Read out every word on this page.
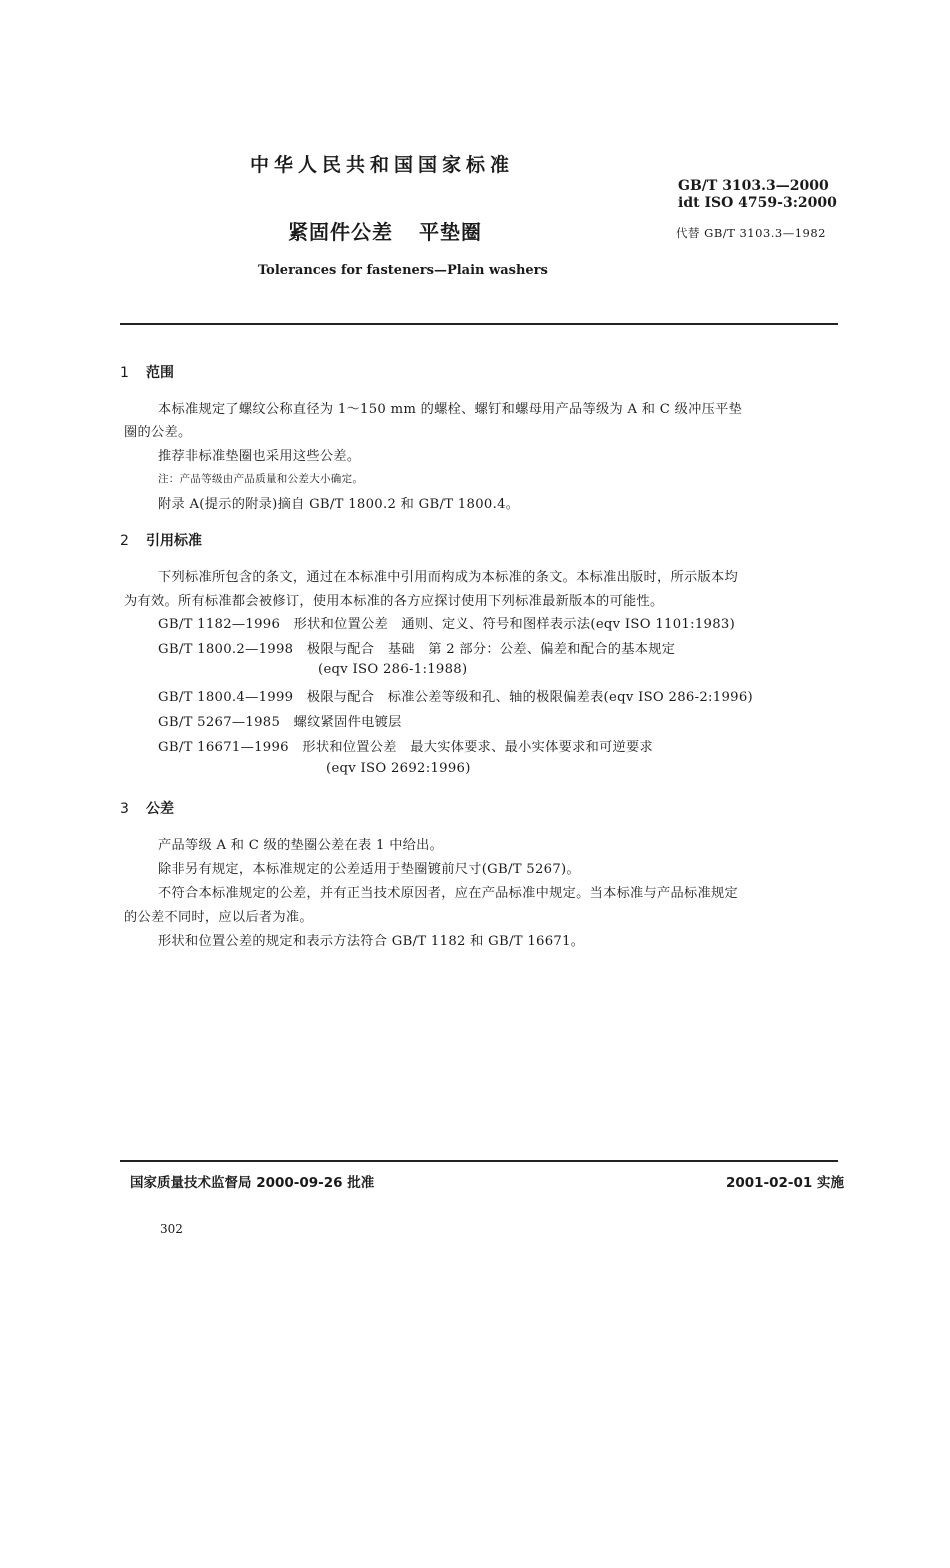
中华人民共和国国家标准
GB/T 3103.3—2000
idt ISO 4759-3:2000
紧固件公差 平垫圈	代替 GB/T 3103.3—1982
Tolerances for fasteners—Plain washers
1 范围
本标准规定了螺纹公称直径为 1～150 mm 的螺栓、螺钉和螺母用产品等级为 A 和 C 级冲压平垫
圈的公差。
推荐非标准垫圈也采用这些公差。
注：产品等级由产品质量和公差大小确定。
附录 A(提示的附录)摘自 GB/T 1800.2 和 GB/T 1800.4。
2 引用标准
下列标准所包含的条文，通过在本标准中引用而构成为本标准的条文。本标准出版时，所示版本均
为有效。所有标准都会被修订，使用本标准的各方应探讨使用下列标准最新版本的可能性。
GB/T 1182—1996　形状和位置公差　通则、定义、符号和图样表示法(eqv ISO 1101:1983)
GB/T 1800.2—1998　极限与配合　基础　第 2 部分：公差、偏差和配合的基本规定
(eqv ISO 286-1:1988)
GB/T 1800.4—1999　极限与配合　标准公差等级和孔、轴的极限偏差表(eqv ISO 286-2:1996)
GB/T 5267—1985　螺纹紧固件电镀层
GB/T 16671—1996　形状和位置公差　最大实体要求、最小实体要求和可逆要求
(eqv ISO 2692:1996)
3 公差
产品等级 A 和 C 级的垫圈公差在表 1 中给出。
除非另有规定，本标准规定的公差适用于垫圈镀前尺寸(GB/T 5267)。
不符合本标准规定的公差，并有正当技术原因者，应在产品标准中规定。当本标准与产品标准规定
的公差不同时，应以后者为准。
形状和位置公差的规定和表示方法符合 GB/T 1182 和 GB/T 16671。
国家质量技术监督局 2000-09-26 批准	2001-02-01 实施
302
